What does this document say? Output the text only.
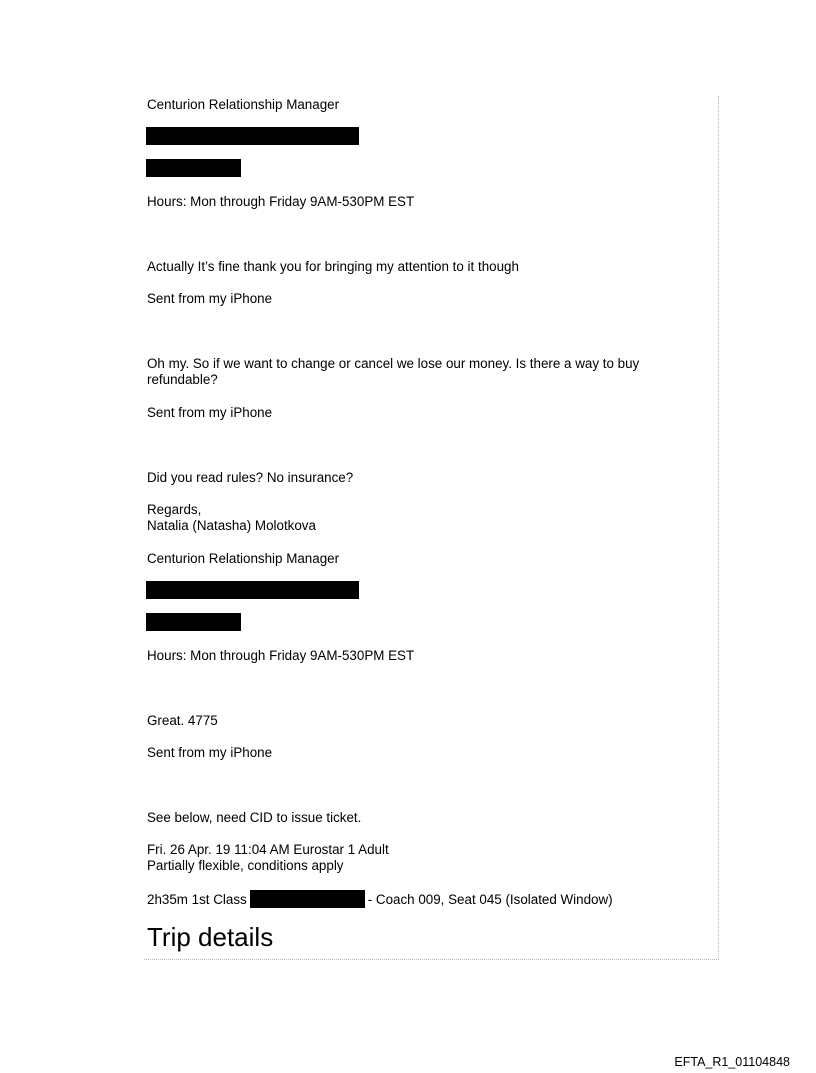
Centurion Relationship Manager
Hours: Mon through Friday 9AM-530PM EST
Actually It’s fine thank you for bringing my attention to it though
Sent from my iPhone
Oh my. So if we want to change or cancel we lose our money. Is there a way to buy
refundable?
Sent from my iPhone
Did you read rules? No insurance?
Regards,
Natalia (Natasha) Molotkova
Centurion Relationship Manager
Hours: Mon through Friday 9AM-530PM EST
Great. 4775
Sent from my iPhone
See below, need CID to issue ticket.
Fri. 26 Apr. 19 11:04 AM Eurostar 1 Adult
Partially flexible, conditions apply
2h35m 1st Class	- Coach 009, Seat 045 (Isolated Window)
Trip details
EFTA_R1_01104848
